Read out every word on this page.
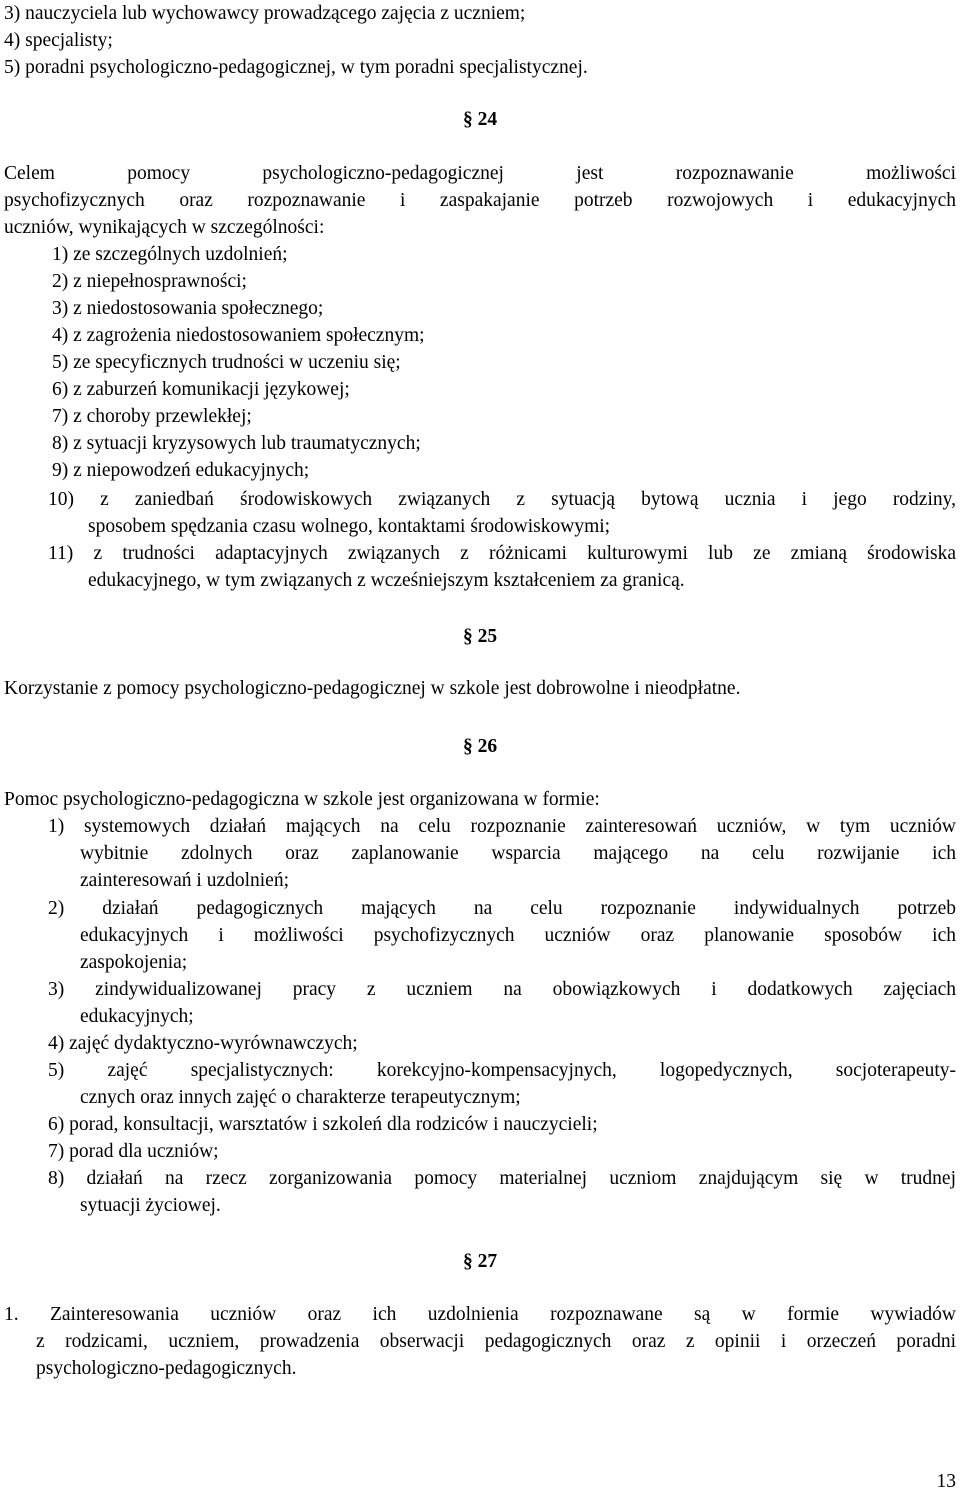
3) nauczyciela lub wychowawcy prowadzącego zajęcia z uczniem;
4) specjalisty;
5) poradni psychologiczno-pedagogicznej, w tym poradni specjalistycznej.
§ 24
Celem pomocy psychologiczno-pedagogicznej jest rozpoznawanie możliwości
psychofizycznych oraz rozpoznawanie i zaspakajanie potrzeb rozwojowych i edukacyjnych
uczniów, wynikających w szczególności:
1) ze szczególnych uzdolnień;
2) z niepełnosprawności;
3) z niedostosowania społecznego;
4) z zagrożenia niedostosowaniem społecznym;
5) ze specyficznych trudności w uczeniu się;
6) z zaburzeń komunikacji językowej;
7) z choroby przewlekłej;
8) z sytuacji kryzysowych lub traumatycznych;
9) z niepowodzeń edukacyjnych;
10) z zaniedbań środowiskowych związanych z sytuacją bytową ucznia i jego rodziny,
sposobem spędzania czasu wolnego, kontaktami środowiskowymi;
11) z trudności adaptacyjnych związanych z różnicami kulturowymi lub ze zmianą środowiska
edukacyjnego, w tym związanych z wcześniejszym kształceniem za granicą.
§ 25
Korzystanie z pomocy psychologiczno-pedagogicznej w szkole jest dobrowolne i nieodpłatne.
§ 26
Pomoc psychologiczno-pedagogiczna w szkole jest organizowana w formie:
1) systemowych działań mających na celu rozpoznanie zainteresowań uczniów, w tym uczniów
wybitnie zdolnych oraz zaplanowanie wsparcia mającego na celu rozwijanie ich
zainteresowań i uzdolnień;
2) działań pedagogicznych mających na celu rozpoznanie indywidualnych potrzeb
edukacyjnych i możliwości psychofizycznych uczniów oraz planowanie sposobów ich
zaspokojenia;
3) zindywidualizowanej pracy z uczniem na obowiązkowych i dodatkowych zajęciach
edukacyjnych;
4) zajęć dydaktyczno-wyrównawczych;
5) zajęć specjalistycznych: korekcyjno-kompensacyjnych, logopedycznych, socjoterapeuty-
cznych oraz innych zajęć o charakterze terapeutycznym;
6) porad, konsultacji, warsztatów i szkoleń dla rodziców i nauczycieli;
7) porad dla uczniów;
8) działań na rzecz zorganizowania pomocy materialnej uczniom znajdującym się w trudnej
sytuacji życiowej.
§ 27
1. Zainteresowania uczniów oraz ich uzdolnienia rozpoznawane są w formie wywiadów
z rodzicami, uczniem, prowadzenia obserwacji pedagogicznych oraz z opinii i orzeczeń poradni
psychologiczno-pedagogicznych.
13
